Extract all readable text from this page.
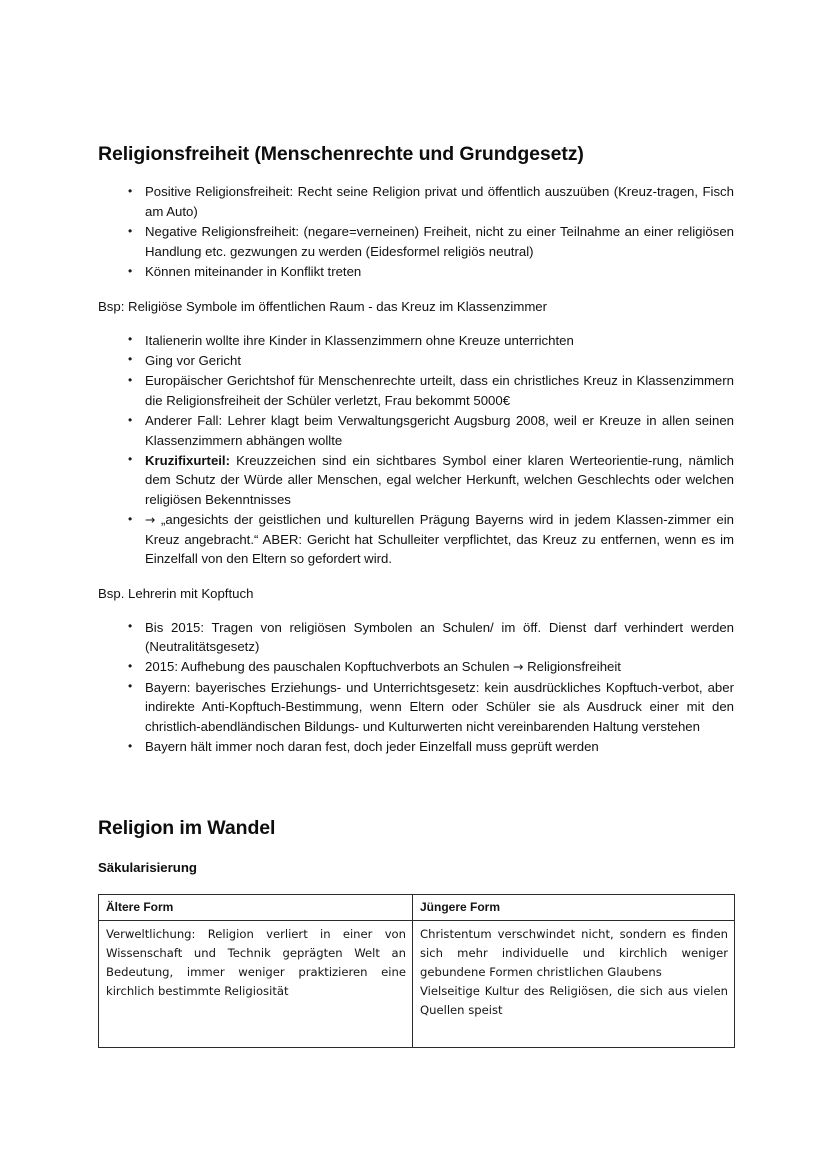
Religionsfreiheit (Menschenrechte und Grundgesetz)
• Positive Religionsfreiheit: Recht seine Religion privat und öffentlich auszuüben (Kreuz-tragen, Fisch am Auto)
• Negative Religionsfreiheit: (negare=verneinen) Freiheit, nicht zu einer Teilnahme an einer religiösen Handlung etc. gezwungen zu werden (Eidesformel religiös neutral)
• Können miteinander in Konflikt treten

Bsp: Religiöse Symbole im öffentlichen Raum - das Kreuz im Klassenzimmer

• Italienerin wollte ihre Kinder in Klassenzimmern ohne Kreuze unterrichten
• Ging vor Gericht
• Europäischer Gerichtshof für Menschenrechte urteilt, dass ein christliches Kreuz in Klassenzimmern die Religionsfreiheit der Schüler verletzt, Frau bekommt 5000€
• Anderer Fall: Lehrer klagt beim Verwaltungsgericht Augsburg 2008, weil er Kreuze in allen seinen Klassenzimmern abhängen wollte
• Kruzifixurteil: Kreuzzeichen sind ein sichtbares Symbol einer klaren Werteorientie-rung, nämlich dem Schutz der Würde aller Menschen, egal welcher Herkunft, welchen Geschlechts oder welchen religiösen Bekenntnisses
• → „angesichts der geistlichen und kulturellen Prägung Bayerns wird in jedem Klassen-zimmer ein Kreuz angebracht.“ ABER: Gericht hat Schulleiter verpflichtet, das Kreuz zu entfernen, wenn es im Einzelfall von den Eltern so gefordert wird.

Bsp. Lehrerin mit Kopftuch

• Bis 2015: Tragen von religiösen Symbolen an Schulen/ im öff. Dienst darf verhindert werden (Neutralitätsgesetz)
• 2015: Aufhebung des pauschalen Kopftuchverbots an Schulen → Religionsfreiheit
• Bayern: bayerisches Erziehungs- und Unterrichtsgesetz: kein ausdrückliches Kopftuch-verbot, aber indirekte Anti-Kopftuch-Bestimmung, wenn Eltern oder Schüler sie als Ausdruck einer mit den christlich-abendländischen Bildungs- und Kulturwerten nicht vereinbarenden Haltung verstehen
• Bayern hält immer noch daran fest, doch jeder Einzelfall muss geprüft werden
Religion im Wandel
Säkularisierung
Ältere Form	Jüngere Form

Verweltlichung: Religion verliert in einer von Wissenschaft und Technik geprägten Welt an Bedeutung, immer weniger praktizieren eine kirchlich bestimmte Religiosität	Christentum verschwindet nicht, sondern es finden sich mehr individuelle und kirchlich weniger gebundene Formen christlichen Glaubens
Vielseitige Kultur des Religiösen, die sich aus vielen Quellen speist
